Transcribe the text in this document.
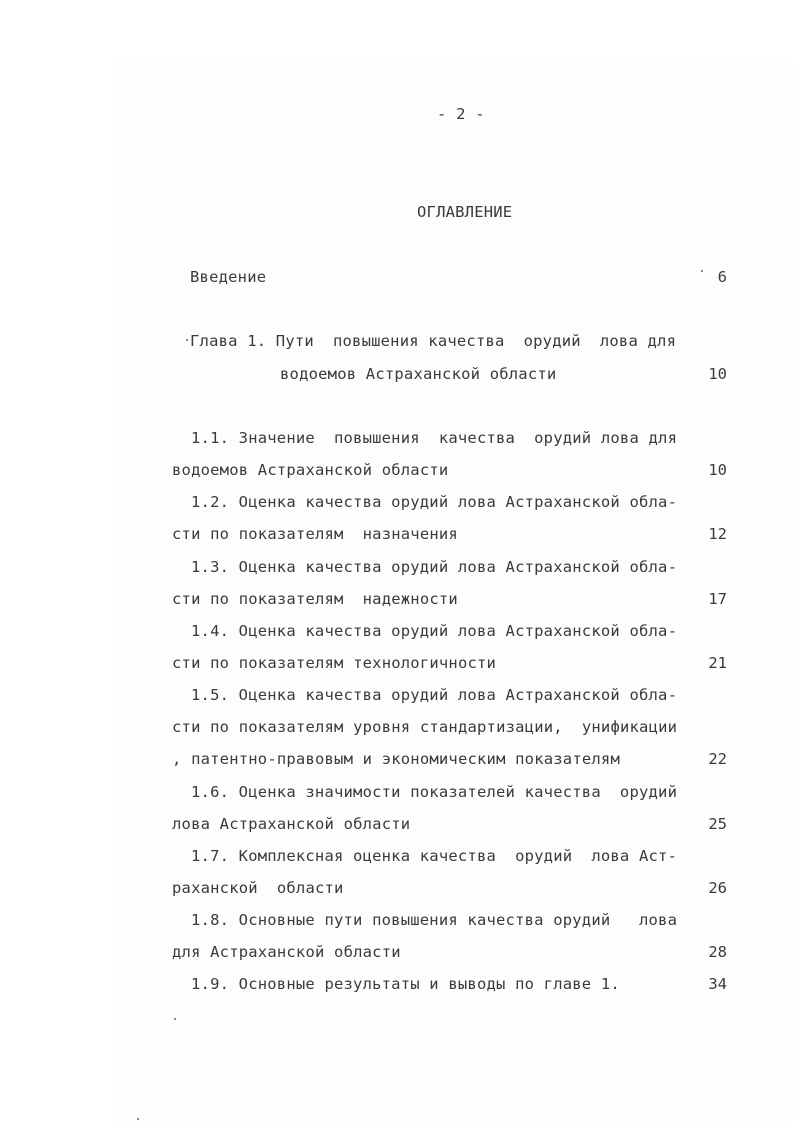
- 2 -
ОГЛАВЛЕНИЕ
Введение	6
Глава 1. Пути  повышения качества  орудий  лова для
водоемов Астраханской области	10
1.1. Значение  повышения  качества  орудий лова для
водоемов Астраханской области	10
1.2. Оценка качества орудий лова Астраханской обла-
сти по показателям  назначения	12
1.3. Оценка качества орудий лова Астраханской обла-
сти по показателям  надежности	17
1.4. Оценка качества орудий лова Астраханской обла-
сти по показателям технологичности	21
1.5. Оценка качества орудий лова Астраханской обла-
сти по показателям уровня стандартизации,  унификации
, патентно-правовым и экономическим показателям	22
1.6. Оценка значимости показателей качества  орудий
лова Астраханской области	25
1.7. Комплексная оценка качества  орудий  лова Аст-
раханской  области	26
1.8. Основные пути повышения качества орудий   лова
для Астраханской области	28
1.9. Основные результаты и выводы по главе 1.	34
